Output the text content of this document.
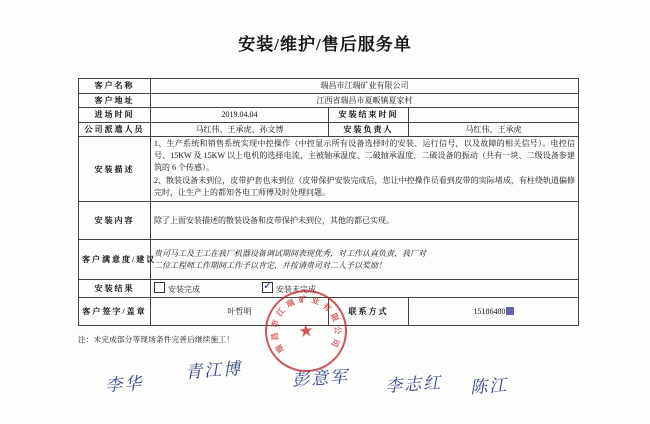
安装/维护/售后服务单
客户名称	瑞昌市江瑞矿业有限公司		
客户地址	江西省瑞昌市夏畈镇夏家村		
进场时间	2019.04.04	安装结束时间	
公司派遣人员	马红伟、王承虎、孙文博	安装负责人	马红伟、王承虎
安装描述	1、生产系统和销售系统实现中控操作（中控显示所有设备选择时的安装、运行信号，以及故障的相关信号）。电控信号、15KW 及 15KW 以上电机的选择电流、主被轴承温度、二破轴承温度、二破设备的振动（共有一块、二级设备参建筑的 6 个传感）。

2、散装设备未到位，皮带护套也未到位（皮带保护安装完成后，您让中控操作员看到皮带的实际堵成，有柱绕轨道偏修完时，让生产上的都知各电工师傅及时处理问题。		

安装内容	除了上面安装描述的散装设备和皮带保护未到位，其他的都已实现。		
客户满意度/建议	贵司马工及王工在我厂机器设备调试期间表现优秀，对工作认真负责，我厂对
二位工程师工作期间工作予以肯定，并按请贵司对二人予以奖励！		

安装结果	安装完成 ✓ 安装未完成		
客户签字/盖章	叶哲明	联系方式	15186480
注：未完成部分等现场条件完善后继续施工！
瑞
昌
市
江
瑞 矿 业
有
限
公
司
★
李华
青江博	彭意军 李志红 陈江
